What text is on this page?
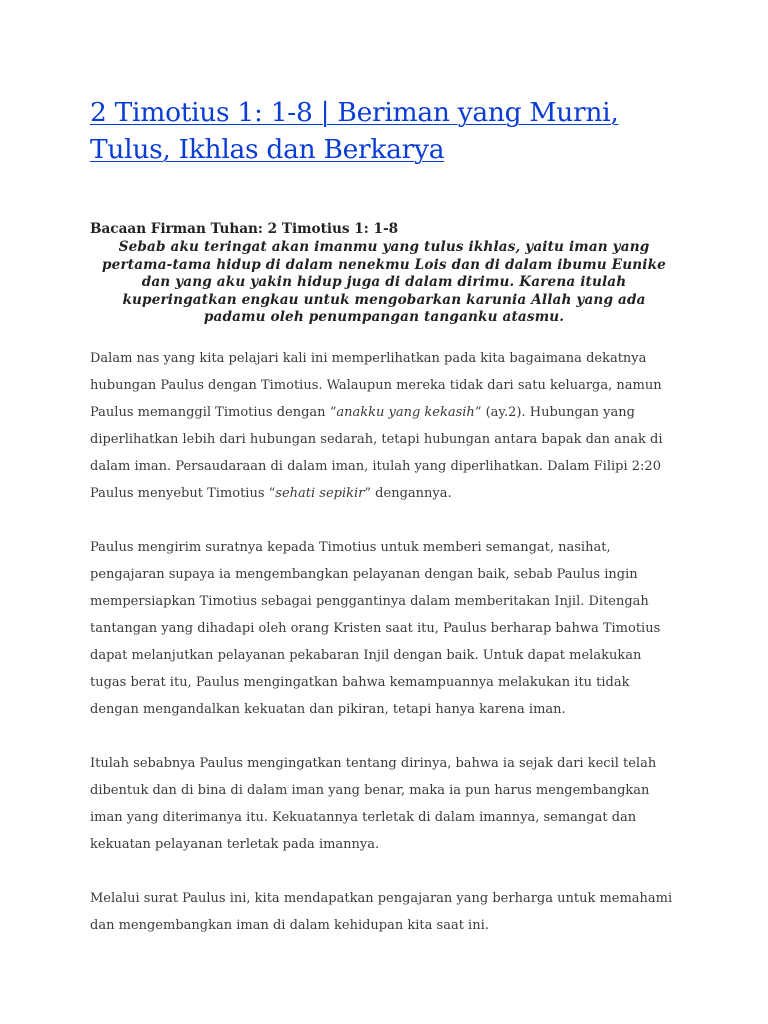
2 Timotius 1: 1-8 | Beriman yang Murni, Tulus, Ikhlas dan Berkarya
Bacaan Firman Tuhan: 2 Timotius 1: 1-8
Sebab aku teringat akan imanmu yang tulus ikhlas, yaitu iman yang pertama-tama hidup di dalam nenekmu Lois dan di dalam ibumu Eunike dan yang aku yakin hidup juga di dalam dirimu. Karena itulah kuperingatkan engkau untuk mengobarkan karunia Allah yang ada padamu oleh penumpangan tanganku atasmu.

Dalam nas yang kita pelajari kali ini memperlihatkan pada kita bagaimana dekatnya hubungan Paulus dengan Timotius. Walaupun mereka tidak dari satu keluarga, namun Paulus memanggil Timotius dengan “anakku yang kekasih” (ay.2). Hubungan yang diperlihatkan lebih dari hubungan sedarah, tetapi hubungan antara bapak dan anak di dalam iman. Persaudaraan di dalam iman, itulah yang diperlihatkan. Dalam Filipi 2:20 Paulus menyebut Timotius “sehati sepikir” dengannya.

Paulus mengirim suratnya kepada Timotius untuk memberi semangat, nasihat, pengajaran supaya ia mengembangkan pelayanan dengan baik, sebab Paulus ingin mempersiapkan Timotius sebagai penggantinya dalam memberitakan Injil. Ditengah tantangan yang dihadapi oleh orang Kristen saat itu, Paulus berharap bahwa Timotius dapat melanjutkan pelayanan pekabaran Injil dengan baik. Untuk dapat melakukan tugas berat itu, Paulus mengingatkan bahwa kemampuannya melakukan itu tidak dengan mengandalkan kekuatan dan pikiran, tetapi hanya karena iman.

Itulah sebabnya Paulus mengingatkan tentang dirinya, bahwa ia sejak dari kecil telah dibentuk dan di bina di dalam iman yang benar, maka ia pun harus mengembangkan iman yang diterimanya itu. Kekuatannya terletak di dalam imannya, semangat dan kekuatan pelayanan terletak pada imannya.

Melalui surat Paulus ini, kita mendapatkan pengajaran yang berharga untuk memahami dan mengembangkan iman di dalam kehidupan kita saat ini.
